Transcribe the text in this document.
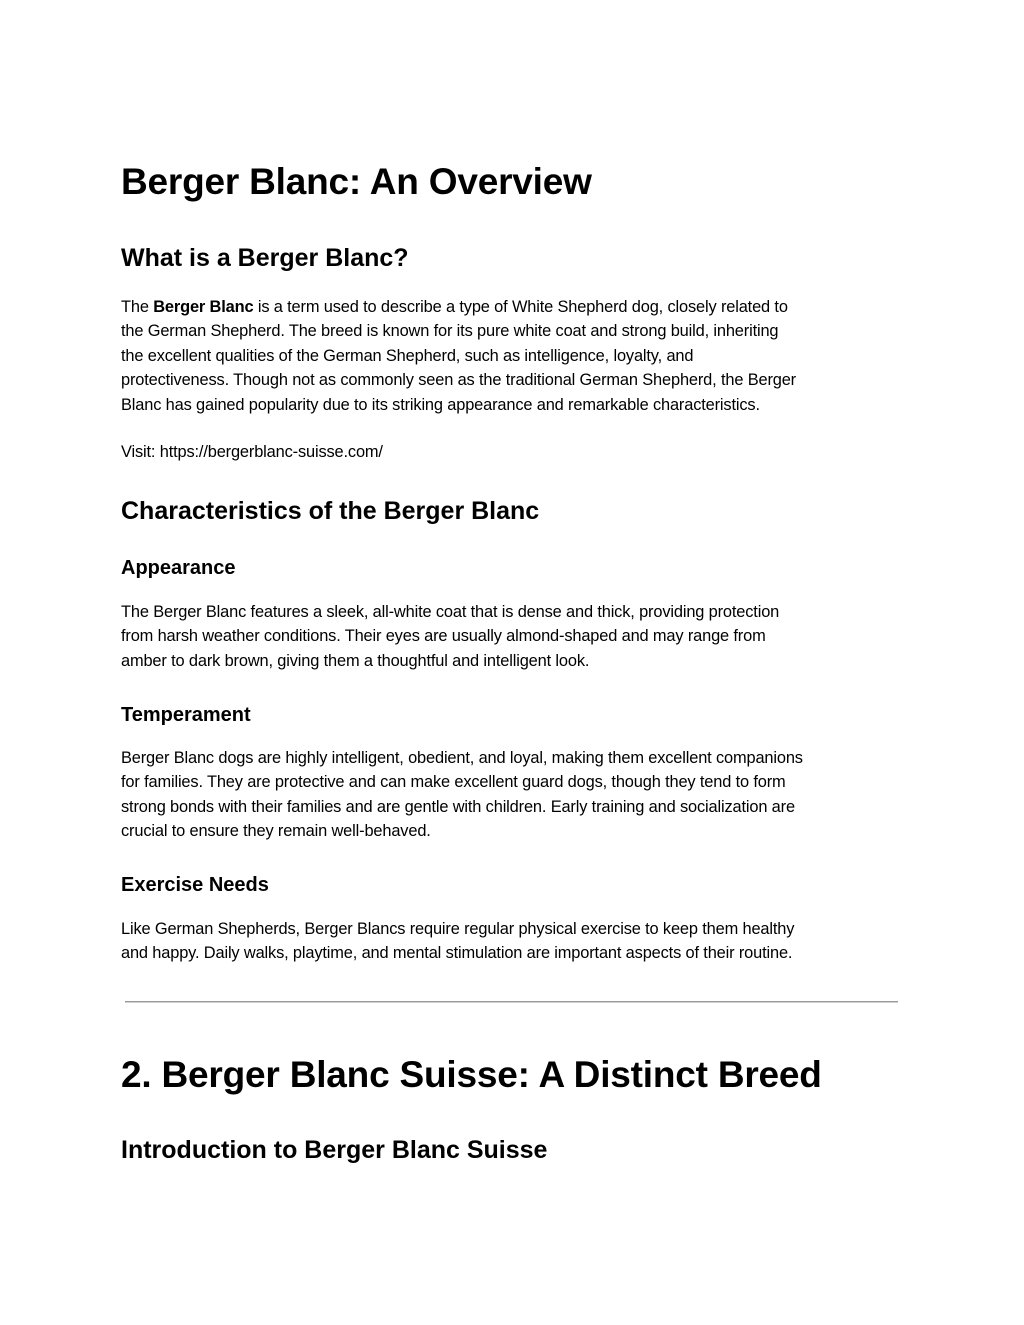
Berger Blanc: An Overview
What is a Berger Blanc?
The Berger Blanc is a term used to describe a type of White Shepherd dog, closely related to
the German Shepherd. The breed is known for its pure white coat and strong build, inheriting
the excellent qualities of the German Shepherd, such as intelligence, loyalty, and
protectiveness. Though not as commonly seen as the traditional German Shepherd, the Berger
Blanc has gained popularity due to its striking appearance and remarkable characteristics.
Visit: https://bergerblanc-suisse.com/
Characteristics of the Berger Blanc
Appearance
The Berger Blanc features a sleek, all-white coat that is dense and thick, providing protection
from harsh weather conditions. Their eyes are usually almond-shaped and may range from
amber to dark brown, giving them a thoughtful and intelligent look.
Temperament
Berger Blanc dogs are highly intelligent, obedient, and loyal, making them excellent companions
for families. They are protective and can make excellent guard dogs, though they tend to form
strong bonds with their families and are gentle with children. Early training and socialization are
crucial to ensure they remain well-behaved.
Exercise Needs
Like German Shepherds, Berger Blancs require regular physical exercise to keep them healthy
and happy. Daily walks, playtime, and mental stimulation are important aspects of their routine.
2. Berger Blanc Suisse: A Distinct Breed
Introduction to Berger Blanc Suisse
